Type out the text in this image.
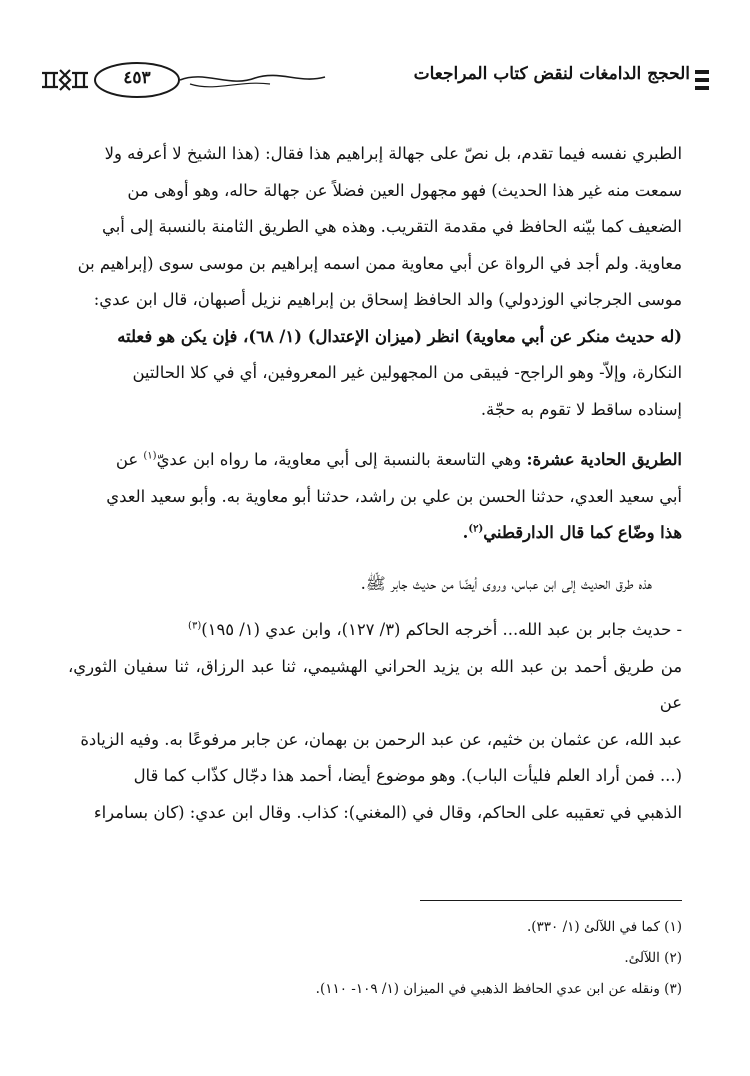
٤٥٣	الحجج الدامغات لنقض كتاب المراجعات

الطبري نفسه فيما تقدم، بل نصّ على جهالة إبراهيم هذا فقال: (هذا الشيخ لا أعرفه ولا

سمعت منه غير هذا الحديث) فهو مجهول العين فضلاً عن جهالة حاله، وهو أوهى من

الضعيف كما بيّنه الحافظ في مقدمة التقريب. وهذه هي الطريق الثامنة بالنسبة إلى أبي

معاوية. ولم أجد في الرواة عن أبي معاوية ممن اسمه إبراهيم بن موسى سوى (إبراهيم بن

موسى الجرجاني الوزدولي) والد الحافظ إسحاق بن إبراهيم نزيل أصبهان، قال ابن عدي:

(له حديث منكر عن أبي معاوية) انظر (ميزان الإعتدال) (١/ ٦٨)، فإن يكن هو فعلته

النكارة، وإلاّ- وهو الراجح- فيبقى من المجهولين غير المعروفين، أي في كلا الحالتين

إسناده ساقط لا تقوم به حجّة.

الطريق الحادية عشرة: وهي التاسعة بالنسبة إلى أبي معاوية، ما رواه ابن عديّ$^{(١)}$ عن

أبي سعيد العدي، حدثنا الحسن بن علي بن راشد، حدثنا أبو معاوية به. وأبو سعيد العدي

هذا وضّاع كما قال الدارقطني$^{(٢)}$.

هذه طرق الحديث إلى ابن عباس، وروى أيضًا من حديث جابر ﷺ.

- حديث جابر بن عبد الله... أخرجه الحاكم (٣/ ١٢٧)، وابن عدي (١/ ١٩٥)$^{(٣)}$

من طريق أحمد بن عبد الله بن يزيد الحراني الهشيمي، ثنا عبد الرزاق، ثنا سفيان الثوري، عن

عبد الله، عن عثمان بن خثيم، عن عبد الرحمن بن بهمان، عن جابر مرفوعًا به. وفيه الزيادة

(... فمن أراد العلم فليأت الباب). وهو موضوع أيضا، أحمد هذا دجّال كذّاب كما قال

الذهبي في تعقيبه على الحاكم، وقال في (المغني): كذاب. وقال ابن عدي: (كان بسامراء

(١) كما في اللآلئ (١/ ٣٣٠).
(٢) اللآلئ.
(٣) ونقله عن ابن عدي الحافظ الذهبي في الميزان (١/ ١٠٩- ١١٠).
